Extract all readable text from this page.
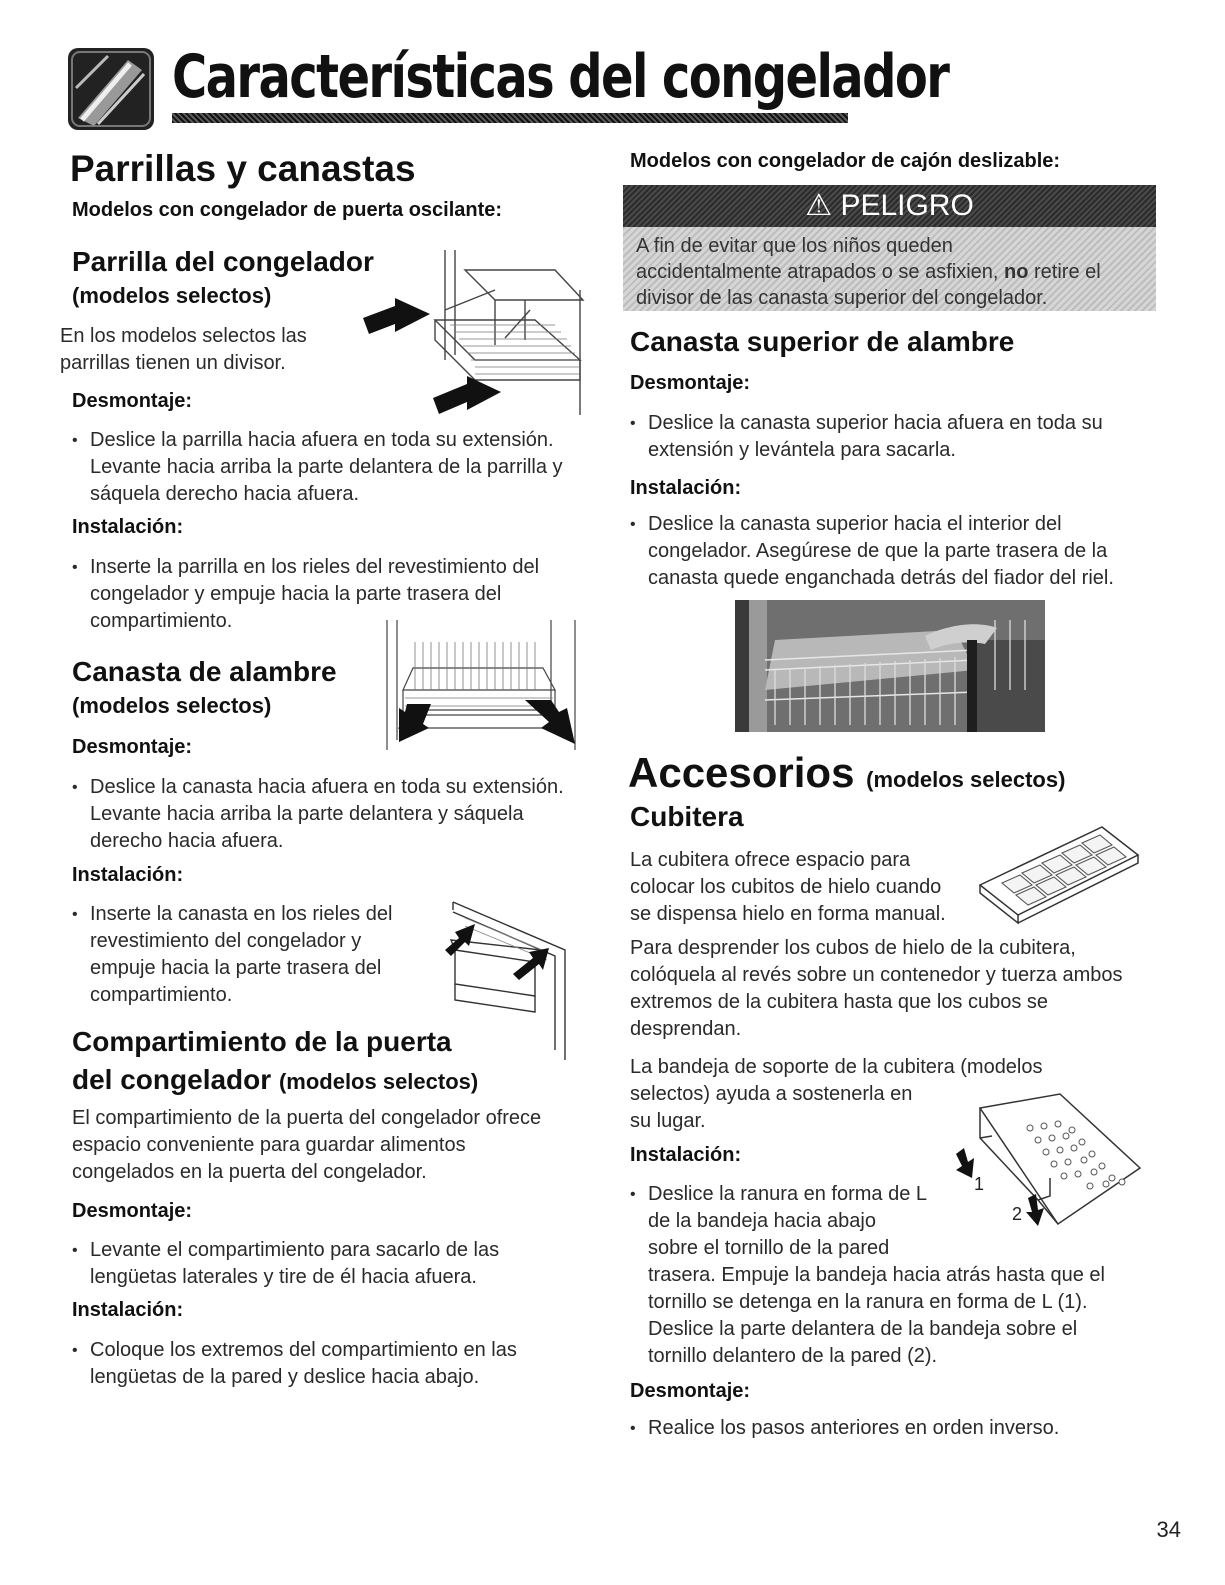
Características del congelador
Parrillas y canastas
Modelos con congelador de puerta oscilante:
Parrilla del congelador
(modelos selectos)
En los modelos selectos las
parrillas tienen un divisor.
Desmontaje:
• Deslice la parrilla hacia afuera en toda su extensión.
Levante hacia arriba la parte delantera de la parrilla y
sáquela derecho hacia afuera.
Instalación:
• Inserte la parrilla en los rieles del revestimiento del
congelador y empuje hacia la parte trasera del
compartimiento.
Canasta de alambre
(modelos selectos)
Desmontaje:
• Deslice la canasta hacia afuera en toda su extensión.
Levante hacia arriba la parte delantera y sáquela
derecho hacia afuera.
Instalación:
• Inserte la canasta en los rieles del
revestimiento del congelador y
empuje hacia la parte trasera del
compartimiento.
Compartimiento de la puerta
del congelador (modelos selectos)
El compartimiento de la puerta del congelador ofrece
espacio conveniente para guardar alimentos
congelados en la puerta del congelador.
Desmontaje:
• Levante el compartimiento para sacarlo de las
lengüetas laterales y tire de él hacia afuera.
Instalación:
• Coloque los extremos del compartimiento en las
lengüetas de la pared y deslice hacia abajo.
Modelos con congelador de cajón deslizable:
⚠ PELIGRO
A fin de evitar que los niños queden
accidentalmente atrapados o se asfixien, no retire el
divisor de las canasta superior del congelador.
Canasta superior de alambre
Desmontaje:
• Deslice la canasta superior hacia afuera en toda su
extensión y levántela para sacarla.
Instalación:
• Deslice la canasta superior hacia el interior del
congelador. Asegúrese de que la parte trasera de la
canasta quede enganchada detrás del fiador del riel.
Accesorios (modelos selectos)
Cubitera
La cubitera ofrece espacio para
colocar los cubitos de hielo cuando
se dispensa hielo en forma manual.
Para desprender los cubos de hielo de la cubitera,
colóquela al revés sobre un contenedor y tuerza ambos
extremos de la cubitera hasta que los cubos se
desprendan.
La bandeja de soporte de la cubitera (modelos
selectos) ayuda a sostenerla en
su lugar.
1
2
Instalación:
• Deslice la ranura en forma de L
de la bandeja hacia abajo
sobre el tornillo de la pared
trasera. Empuje la bandeja hacia atrás hasta que el
tornillo se detenga en la ranura en forma de L (1).
Deslice la parte delantera de la bandeja sobre el
tornillo delantero de la pared (2).
Desmontaje:
• Realice los pasos anteriores en orden inverso.
34
